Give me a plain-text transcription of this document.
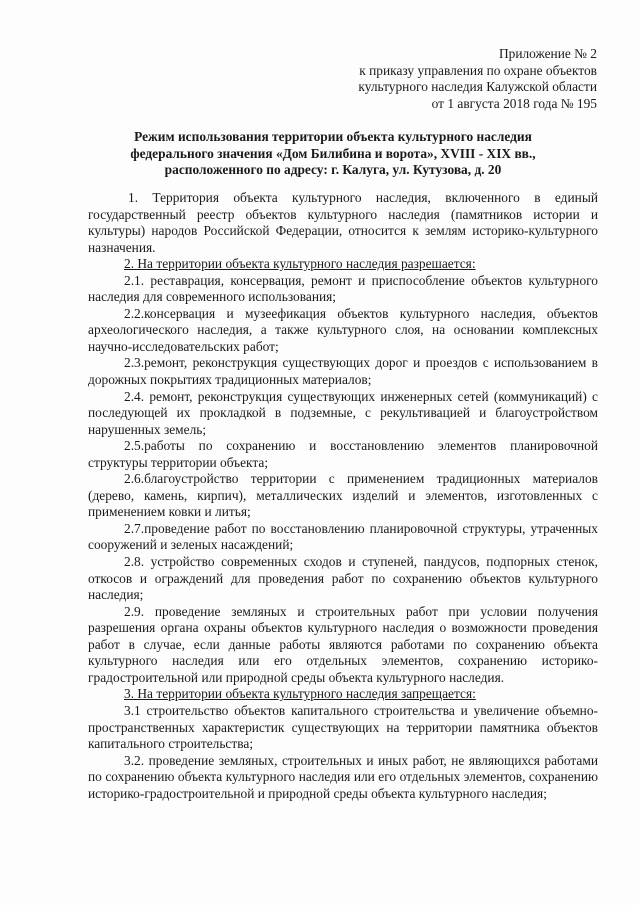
Приложение № 2
к приказу управления по охране объектов
культурного наследия Калужской области
от 1 августа 2018 года № 195
Режим использования территории объекта культурного наследия
федерального значения «Дом Билибина и ворота», XVIII - XIX вв.,
расположенного по адресу: г. Калуга, ул. Кутузова, д. 20

1. Территория объекта культурного наследия, включенного в единый государственный реестр объектов культурного наследия (памятников истории и культуры) народов Российской Федерации, относится к землям историко-культурного назначения.

2. На территории объекта культурного наследия разрешается:

2.1. реставрация, консервация, ремонт и приспособление объектов культурного наследия для современного использования;

2.2.консервация и музеефикация объектов культурного наследия, объектов археологического наследия, а также культурного слоя, на основании комплексных научно-исследовательских работ;

2.3.ремонт, реконструкция существующих дорог и проездов с использованием в дорожных покрытиях традиционных материалов;

2.4. ремонт, реконструкция существующих инженерных сетей (коммуникаций) с последующей их прокладкой в подземные, с рекультивацией и благоустройством нарушенных земель;

2.5.работы по сохранению и восстановлению элементов планировочной структуры территории объекта;

2.6.благоустройство территории с применением традиционных материалов (дерево, камень, кирпич), металлических изделий и элементов, изготовленных с применением ковки и литья;

2.7.проведение работ по восстановлению планировочной структуры, утраченных сооружений и зеленых насаждений;

2.8. устройство современных сходов и ступеней, пандусов, подпорных стенок, откосов и ограждений для проведения работ по сохранению объектов культурного наследия;

2.9. проведение земляных и строительных работ при условии получения разрешения органа охраны объектов культурного наследия о возможности проведения работ в случае, если данные работы являются работами по сохранению объекта культурного наследия или его отдельных элементов, сохранению историко-градостроительной или природной среды объекта культурного наследия.

3. На территории объекта культурного наследия запрещается:

3.1 строительство объектов капитального строительства и увеличение объемно-пространственных характеристик существующих на территории памятника объектов капитального строительства;

3.2. проведение земляных, строительных и иных работ, не являющихся работами по сохранению объекта культурного наследия или его отдельных элементов, сохранению историко-градостроительной и природной среды объекта культурного наследия;
